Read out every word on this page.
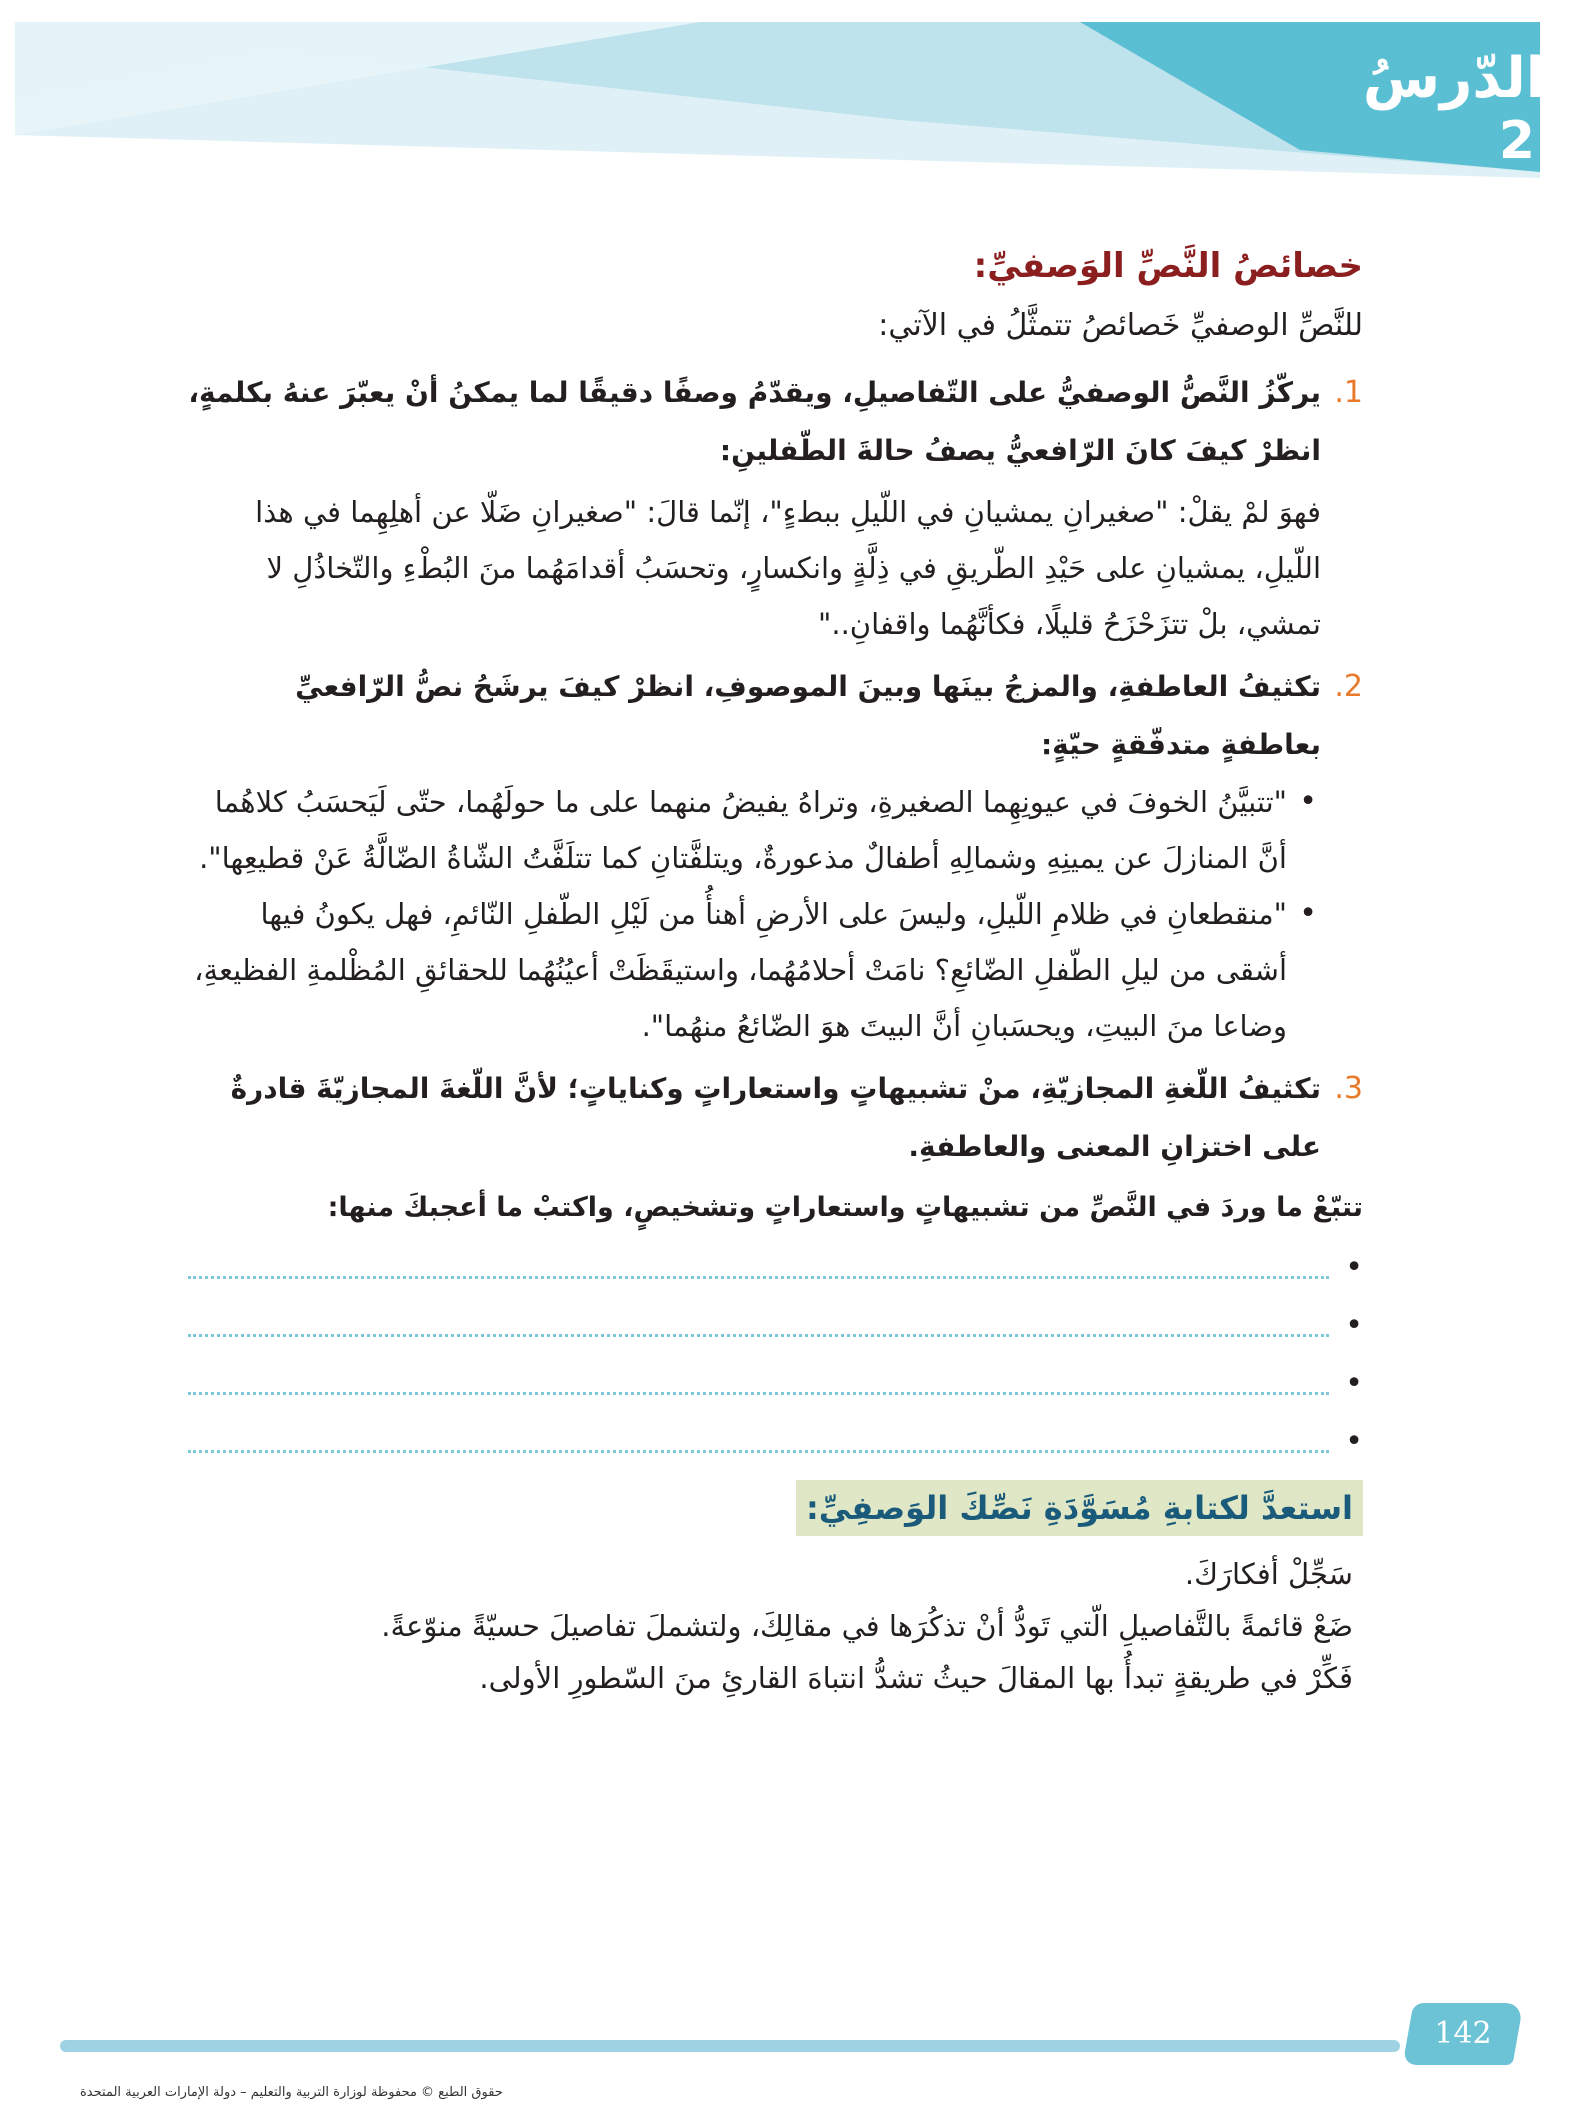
الدّرسُ
2
خصائصُ النَّصِّ الوَصفيِّ:
للنَّصِّ الوصفيِّ خَصائصُ تتمثَّلُ في الآتي:
.1
يركّزُ النَّصُّ الوصفيُّ على التّفاصيلِ، ويقدّمُ وصفًا دقيقًا لما يمكنُ أنْ يعبّرَ عنهُ بكلمةٍ، انظرْ كيفَ كانَ الرّافعيُّ يصفُ حالةَ الطّفلينِ:
فهوَ لمْ يقلْ: "صغيرانِ يمشيانِ في اللّيلِ ببطءٍ"، إنّما قالَ: "صغيرانِ ضَلّا عن أهلِهِما في هذا اللّيلِ، يمشيانِ على حَيْدِ الطّريقِ في ذِلَّةٍ وانكسارٍ، وتحسَبُ أقدامَهُما منَ البُطْءِ والتّخاذُلِ لا تمشي، بلْ تتزَحْزَحُ قليلًا، فكأنَّهُما واقفانِ.."
.2
تكثيفُ العاطفةِ، والمزجُ بينَها وبينَ الموصوفِ، انظرْ كيفَ يرشَحُ نصُّ الرّافعيِّ بعاطفةٍ متدفّقةٍ حيّةٍ:
• "تتبيَّنُ الخوفَ في عيونِهِما الصغيرةِ، وتراهُ يفيضُ منهما على ما حولَهُما، حتّى لَيَحسَبُ كلاهُما أنَّ المنازلَ عن يمينِهِ وشمالِهِ أطفالٌ مذعورةٌ، ويتلفَّتانِ كما تتلَفَّتُ الشّاةُ الضّالَّةُ عَنْ قطيعِها".
• "منقطعانِ في ظلامِ اللّيلِ، وليسَ على الأرضِ أهنأُ من لَيْلِ الطّفلِ النّائمِ، فهل يكونُ فيها أشقى من ليلِ الطّفلِ الضّائعِ؟ نامَتْ أحلامُهُما، واستيقَظَتْ أعيُنُهُما للحقائقِ المُظْلمةِ الفظيعةِ، وضاعا منَ البيتِ، ويحسَبانِ أنَّ البيتَ هوَ الضّائعُ منهُما".
.3
تكثيفُ اللّغةِ المجازيّةِ، منْ تشبيهاتٍ واستعاراتٍ وكناياتٍ؛ لأنَّ اللّغةَ المجازيّةَ قادرةٌ على اختزانِ المعنى والعاطفةِ.
تتبّعْ ما وردَ في النَّصِّ من تشبيهاتٍ واستعاراتٍ وتشخيصٍ، واكتبْ ما أعجبكَ منها:
•
•
•
•
استعدَّ لكتابةِ مُسَوَّدَةِ نَصِّكَ الوَصفِيِّ:
سَجِّلْ أفكارَكَ.
ضَعْ قائمةً بالتَّفاصيلِ الّتي تَودُّ أنْ تذكُرَها في مقالِكَ، ولتشملَ تفاصيلَ حسيّةً منوّعةً.
فَكِّرْ في طريقةٍ تبدأُ بها المقالَ حيثُ تشدُّ انتباهَ القارئِ منَ السّطورِ الأولى.
142
حقوق الطبع © محفوظة لوزارة التربية والتعليم – دولة الإمارات العربية المتحدة
